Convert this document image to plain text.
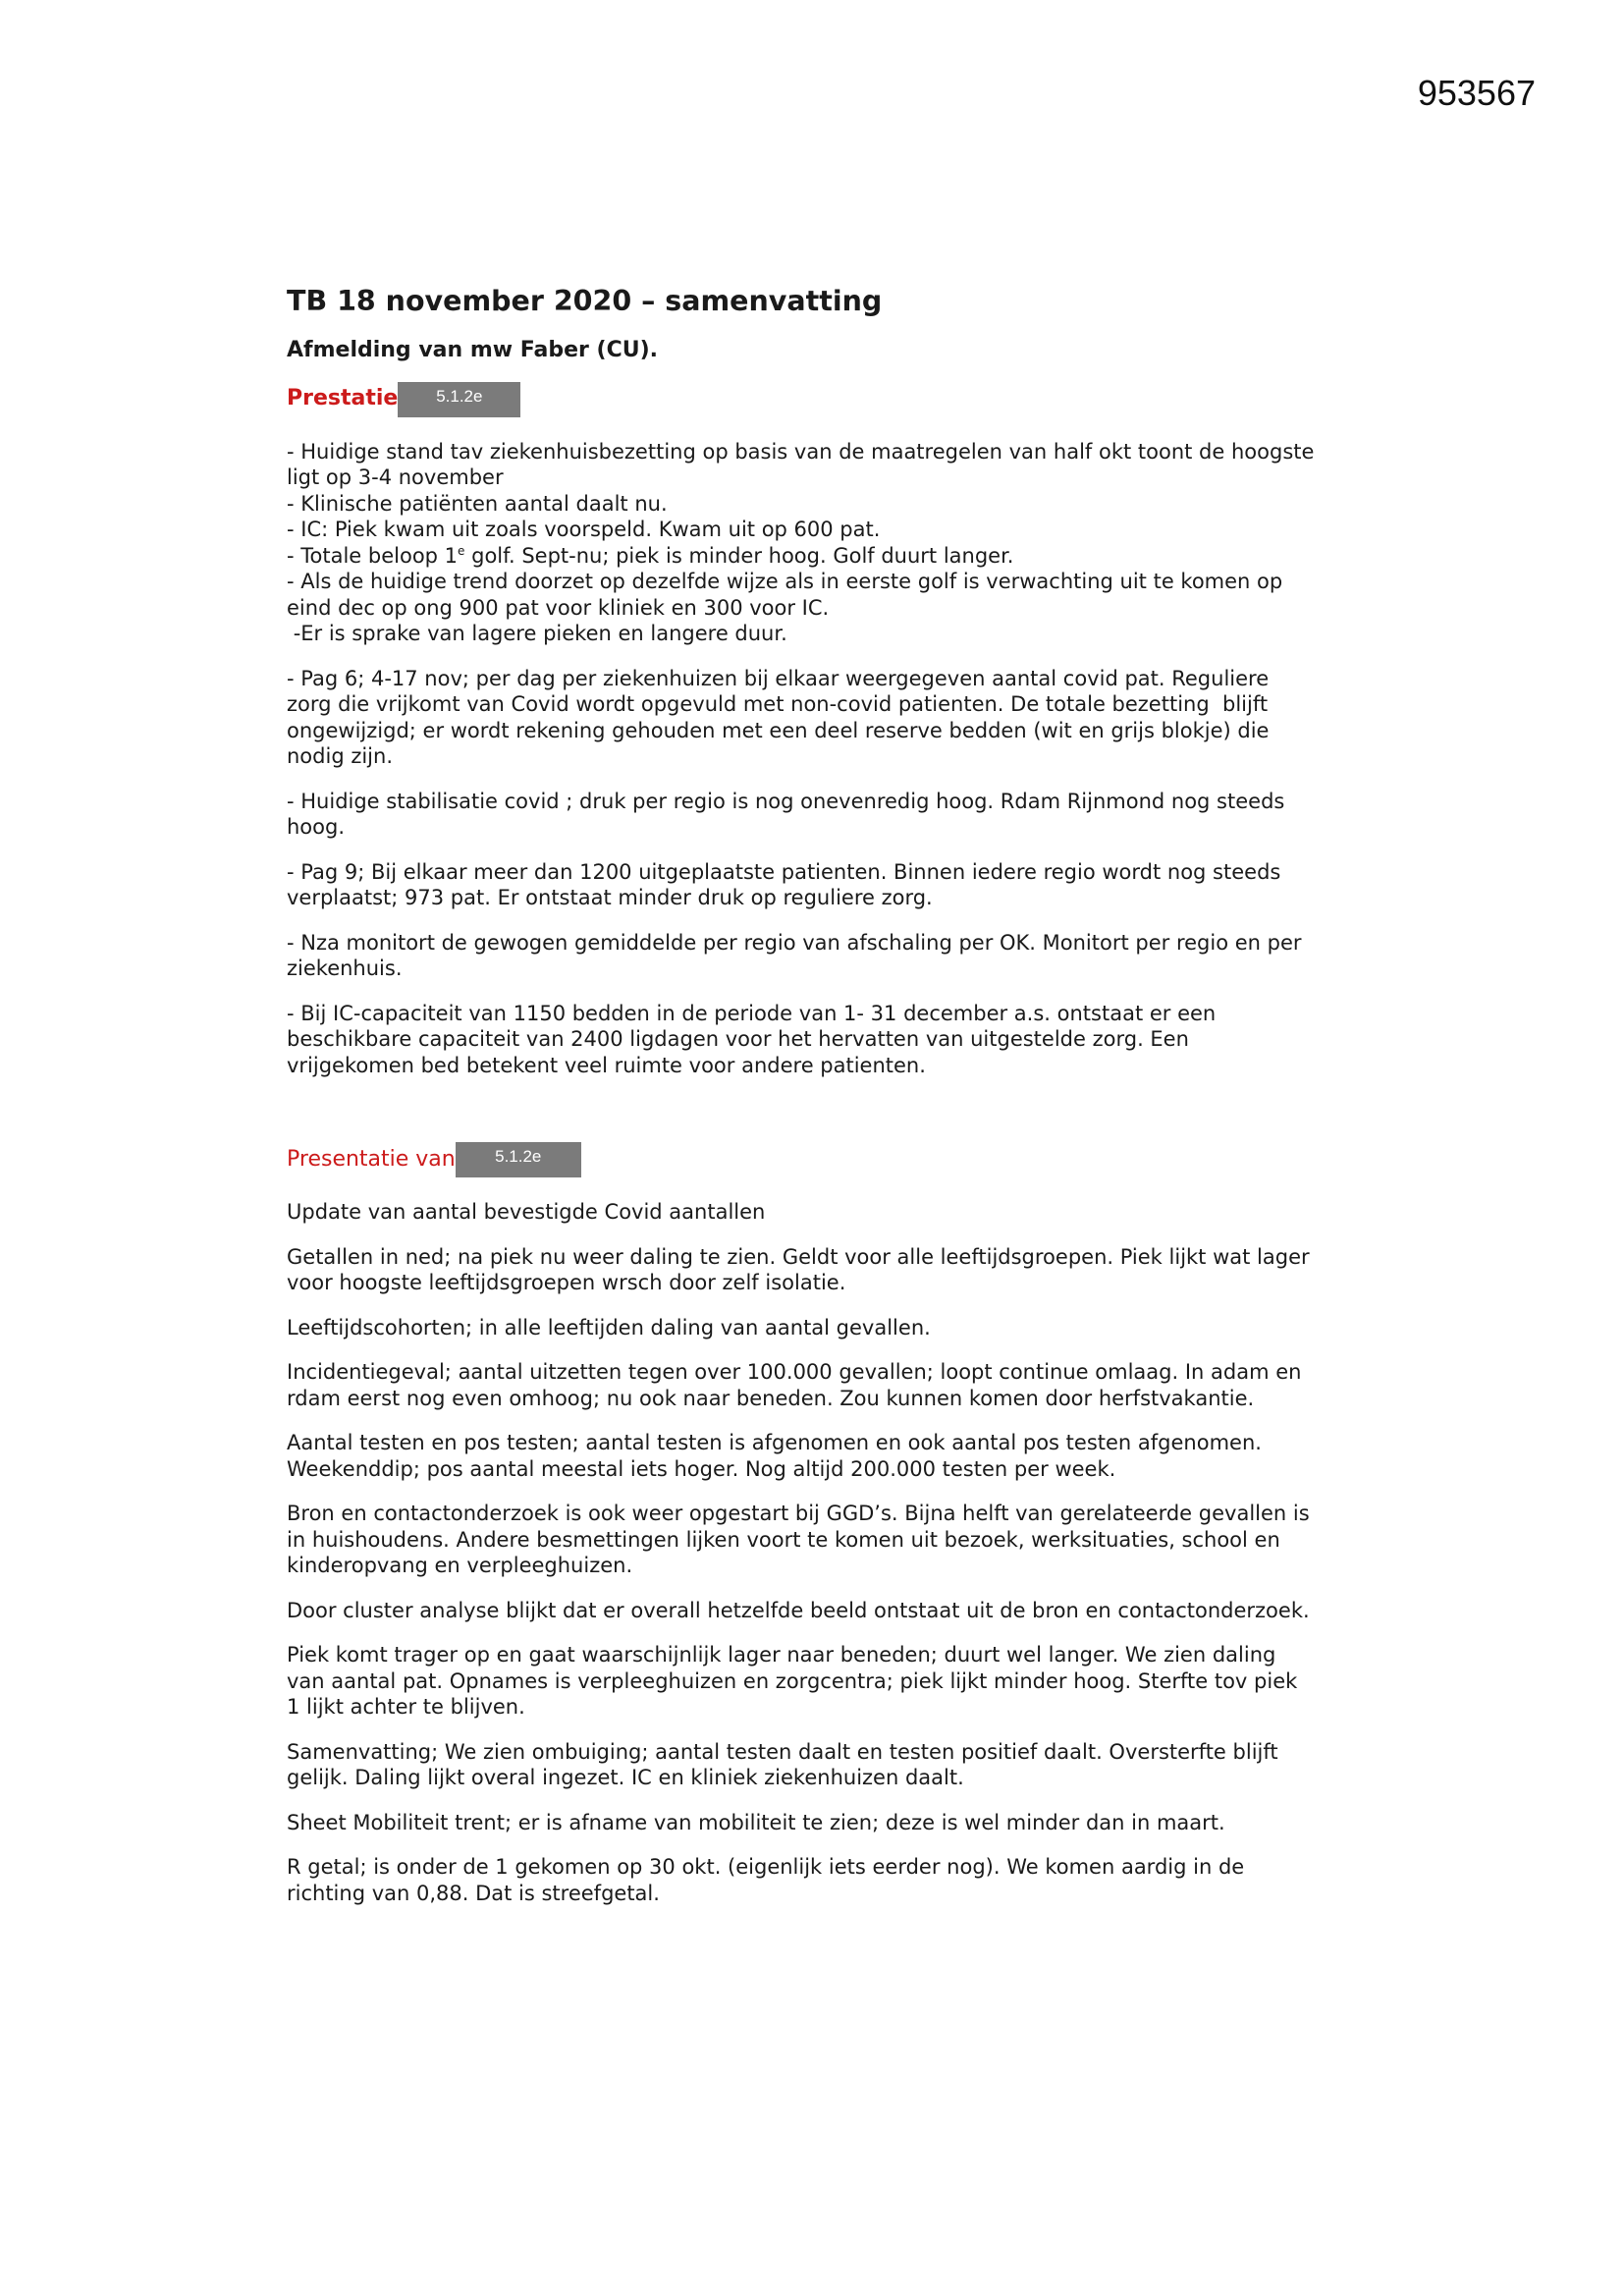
953567
TB 18 november 2020 – samenvatting
Afmelding van mw Faber (CU).
Prestatie	5.1.2e

- Huidige stand tav ziekenhuisbezetting op basis van de maatregelen van half okt toont de hoogste

ligt op 3-4 november

- Klinische patiënten aantal daalt nu.

- IC: Piek kwam uit zoals voorspeld. Kwam uit op 600 pat.

- Totale beloop 1e golf. Sept-nu; piek is minder hoog. Golf duurt langer.

- Als de huidige trend doorzet op dezelfde wijze als in eerste golf is verwachting uit te komen op

eind dec op ong 900 pat voor kliniek en 300 voor IC.

-Er is sprake van lagere pieken en langere duur.

- Pag 6; 4-17 nov; per dag per ziekenhuizen bij elkaar weergegeven aantal covid pat. Reguliere

zorg die vrijkomt van Covid wordt opgevuld met non-covid patienten. De totale bezetting  blijft

ongewijzigd; er wordt rekening gehouden met een deel reserve bedden (wit en grijs blokje) die

nodig zijn.

- Huidige stabilisatie covid ; druk per regio is nog onevenredig hoog. Rdam Rijnmond nog steeds

hoog.

- Pag 9; Bij elkaar meer dan 1200 uitgeplaatste patienten. Binnen iedere regio wordt nog steeds

verplaatst; 973 pat. Er ontstaat minder druk op reguliere zorg.

- Nza monitort de gewogen gemiddelde per regio van afschaling per OK. Monitort per regio en per

ziekenhuis.

- Bij IC-capaciteit van 1150 bedden in de periode van 1- 31 december a.s. ontstaat er een

beschikbare capaciteit van 2400 ligdagen voor het hervatten van uitgestelde zorg. Een

vrijgekomen bed betekent veel ruimte voor andere patienten.

Presentatie van	5.1.2e

Update van aantal bevestigde Covid aantallen

Getallen in ned; na piek nu weer daling te zien. Geldt voor alle leeftijdsgroepen. Piek lijkt wat lager

voor hoogste leeftijdsgroepen wrsch door zelf isolatie.

Leeftijdscohorten; in alle leeftijden daling van aantal gevallen.

Incidentiegeval; aantal uitzetten tegen over 100.000 gevallen; loopt continue omlaag. In adam en

rdam eerst nog even omhoog; nu ook naar beneden. Zou kunnen komen door herfstvakantie.

Aantal testen en pos testen; aantal testen is afgenomen en ook aantal pos testen afgenomen.

Weekenddip; pos aantal meestal iets hoger. Nog altijd 200.000 testen per week.

Bron en contactonderzoek is ook weer opgestart bij GGD’s. Bijna helft van gerelateerde gevallen is

in huishoudens. Andere besmettingen lijken voort te komen uit bezoek, werksituaties, school en

kinderopvang en verpleeghuizen.

Door cluster analyse blijkt dat er overall hetzelfde beeld ontstaat uit de bron en contactonderzoek.

Piek komt trager op en gaat waarschijnlijk lager naar beneden; duurt wel langer. We zien daling

van aantal pat. Opnames is verpleeghuizen en zorgcentra; piek lijkt minder hoog. Sterfte tov piek

1 lijkt achter te blijven.

Samenvatting; We zien ombuiging; aantal testen daalt en testen positief daalt. Oversterfte blijft

gelijk. Daling lijkt overal ingezet. IC en kliniek ziekenhuizen daalt.

Sheet Mobiliteit trent; er is afname van mobiliteit te zien; deze is wel minder dan in maart.

R getal; is onder de 1 gekomen op 30 okt. (eigenlijk iets eerder nog). We komen aardig in de

richting van 0,88. Dat is streefgetal.
